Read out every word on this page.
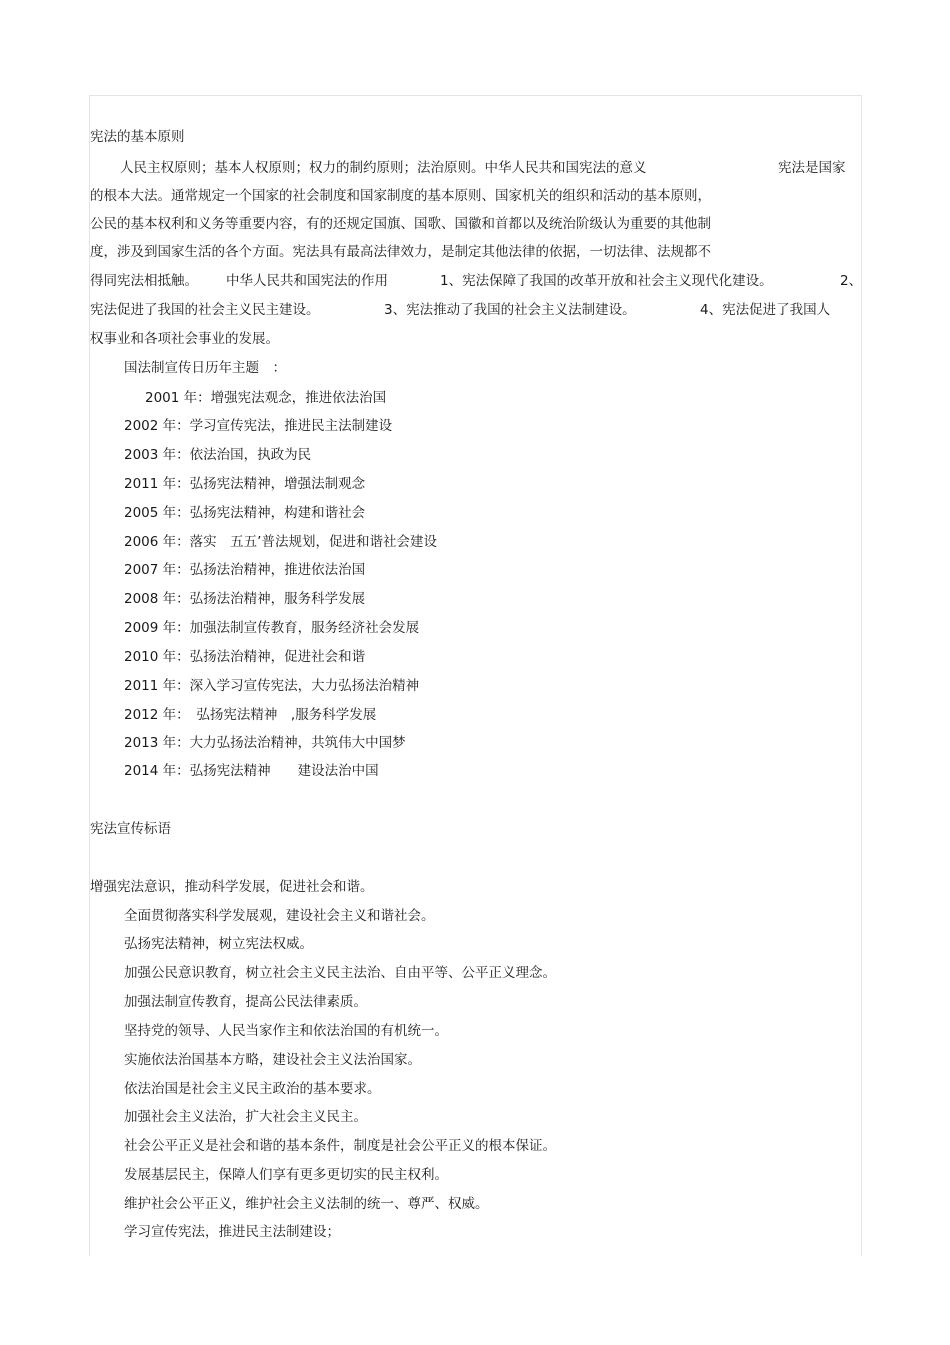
宪法的基本原则
人民主权原则；基本人权原则；权力的制约原则；法治原则。中华人民共和国宪法的意义	宪法是国家
的根本大法。通常规定一个国家的社会制度和国家制度的基本原则、国家机关的组织和活动的基本原则，
公民的基本权利和义务等重要内容，有的还规定国旗、国歌、国徽和首都以及统治阶级认为重要的其他制
度，涉及到国家生活的各个方面。宪法具有最高法律效力，是制定其他法律的依据，一切法律、法规都不
得同宪法相抵触。 中华人民共和国宪法的作用	1、宪法保障了我国的改革开放和社会主义现代化建设。	2、
宪法促进了我国的社会主义民主建设。	3、宪法推动了我国的社会主义法制建设。	4、宪法促进了我国人
权事业和各项社会事业的发展。
国法制宣传日历年主题　：
2001 年：增强宪法观念，推进依法治国
2002 年：学习宣传宪法，推进民主法制建设
2003 年：依法治国，执政为民
2011 年：弘扬宪法精神，增强法制观念
2005 年：弘扬宪法精神，构建和谐社会
2006 年：落实　五五’普法规划，促进和谐社会建设
2007 年：弘扬法治精神，推进依法治国
2008 年：弘扬法治精神，服务科学发展
2009 年：加强法制宣传教育，服务经济社会发展
2010 年：弘扬法治精神，促进社会和谐
2011 年：深入学习宣传宪法，大力弘扬法治精神
2012 年：　弘扬宪法精神　,服务科学发展
2013 年：大力弘扬法治精神，共筑伟大中国梦
2014 年：弘扬宪法精神　　建设法治中国
宪法宣传标语
增强宪法意识，推动科学发展，促进社会和谐。
全面贯彻落实科学发展观，建设社会主义和谐社会。
弘扬宪法精神，树立宪法权威。
加强公民意识教育，树立社会主义民主法治、自由平等、公平正义理念。
加强法制宣传教育，提高公民法律素质。
坚持党的领导、人民当家作主和依法治国的有机统一。
实施依法治国基本方略，建设社会主义法治国家。
依法治国是社会主义民主政治的基本要求。
加强社会主义法治，扩大社会主义民主。
社会公平正义是社会和谐的基本条件，制度是社会公平正义的根本保证。
发展基层民主，保障人们享有更多更切实的民主权利。
维护社会公平正义，维护社会主义法制的统一、尊严、权威。
学习宣传宪法，推进民主法制建设；
